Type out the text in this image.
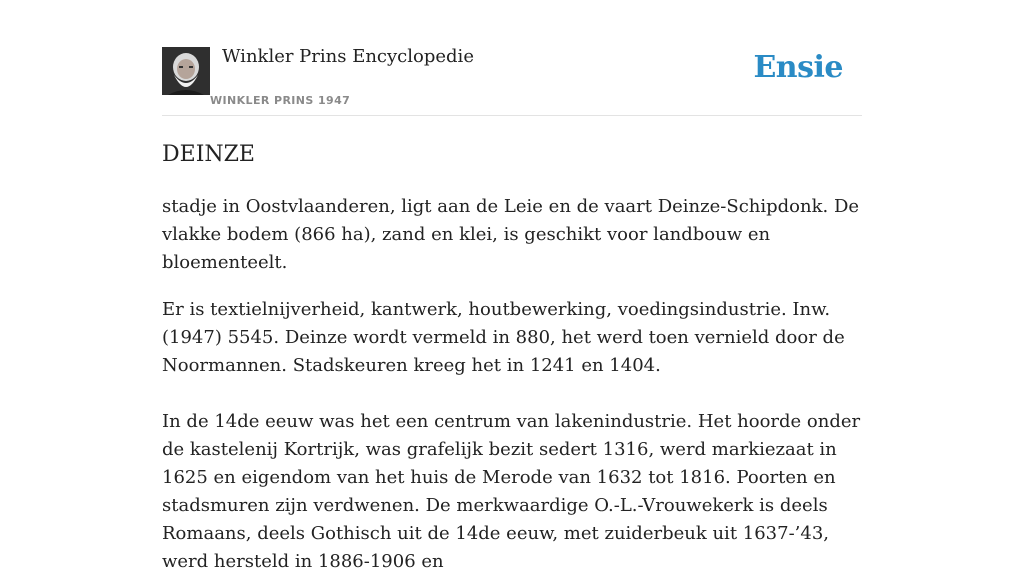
Winkler Prins Encyclopedie
WINKLER PRINS 1947
Ensie
DEINZE

stadje in Oostvlaanderen, ligt aan de Leie en de vaart Deinze-Schipdonk. De vlakke bodem (866 ha), zand en klei, is geschikt voor landbouw en bloementeelt.

Er is textielnijverheid, kantwerk, houtbewerking, voedingsindustrie. Inw. (1947) 5545. Deinze wordt vermeld in 880, het werd toen vernield door de Noormannen. Stadskeuren kreeg het in 1241 en 1404.

In de 14de eeuw was het een centrum van lakenindustrie. Het hoorde onder de kastelenij Kortrijk, was grafelijk bezit sedert 1316, werd markiezaat in 1625 en eigendom van het huis de Merode van 1632 tot 1816. Poorten en stadsmuren zijn verdwenen. De merkwaardige O.-L.-Vrouwekerk is deels Romaans, deels Gothisch uit de 14de eeuw, met zuiderbeuk uit 1637-’43, werd hersteld in 1886-1906 en
